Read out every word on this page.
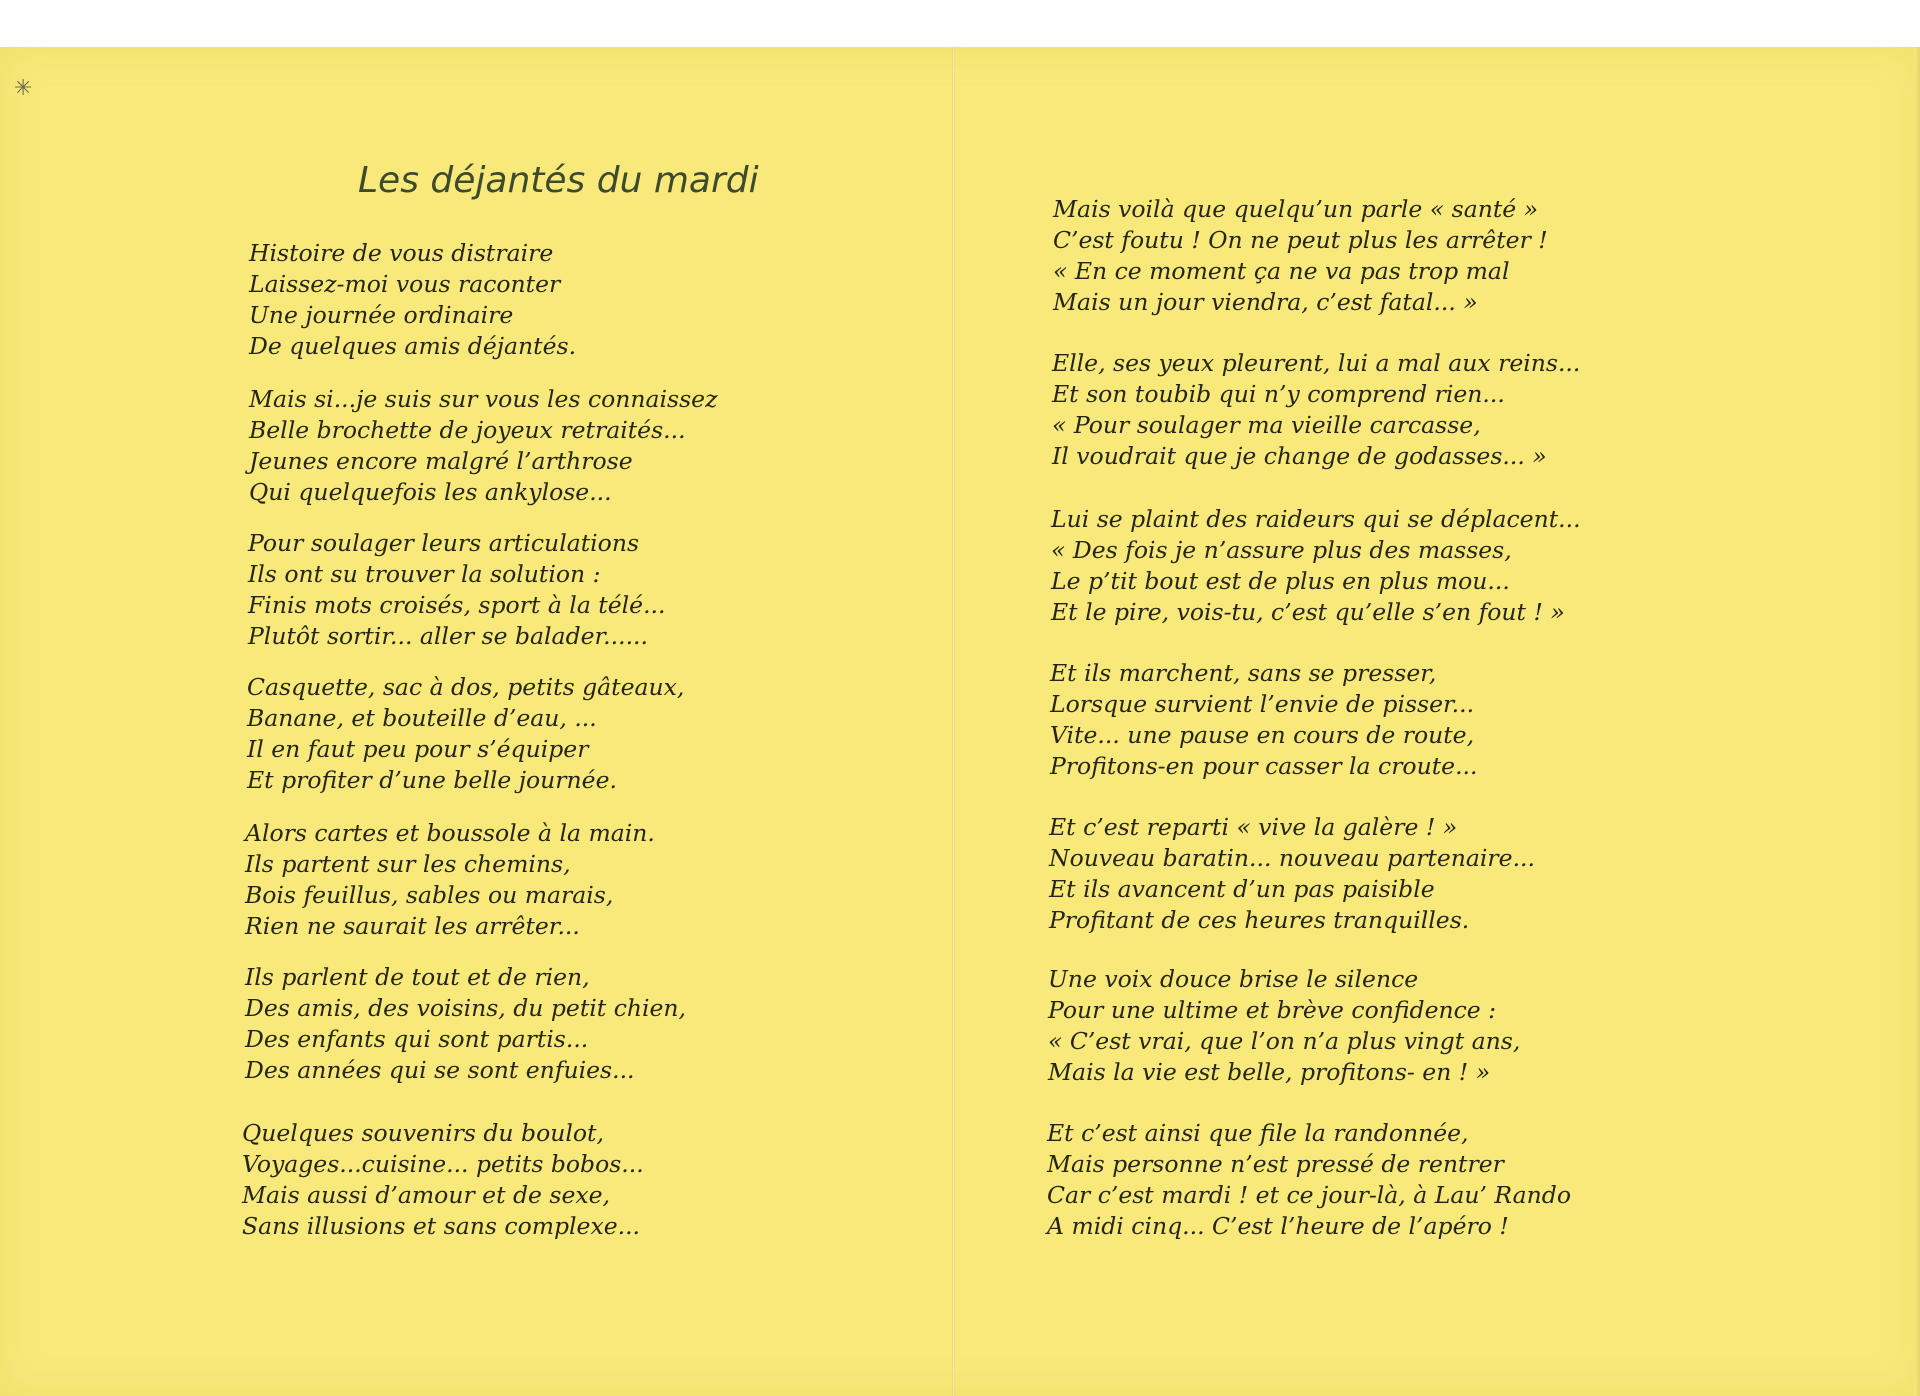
✳
Les déjantés du mardi

Histoire de vous distraire
Laissez-moi vous raconter
Une journée ordinaire
De quelques amis déjantés.

Mais si...je suis sur vous les connaissez
Belle brochette de joyeux retraités...
Jeunes encore malgré l’arthrose
Qui quelquefois les ankylose...

Pour soulager leurs articulations
Ils ont su trouver la solution :
Finis mots croisés, sport à la télé...
Plutôt sortir... aller se balader......

Casquette, sac à dos, petits gâteaux,
Banane, et bouteille d’eau, ...
Il en faut peu pour s’équiper
Et profiter d’une belle journée.

Alors cartes et boussole à la main.
Ils partent sur les chemins,
Bois feuillus, sables ou marais,
Rien ne saurait les arrêter...

Ils parlent de tout et de rien,
Des amis, des voisins, du petit chien,
Des enfants qui sont partis...
Des années qui se sont enfuies...

Quelques souvenirs du boulot,
Voyages...cuisine... petits bobos...
Mais aussi d’amour et de sexe,
Sans illusions et sans complexe...

Mais voilà que quelqu’un parle « santé »
C’est foutu ! On ne peut plus les arrêter !
« En ce moment ça ne va pas trop mal
Mais un jour viendra, c’est fatal... »

Elle, ses yeux pleurent, lui a mal aux reins...
Et son toubib qui n’y comprend rien...
« Pour soulager ma vieille carcasse,
Il voudrait que je change de godasses... »

Lui se plaint des raideurs qui se déplacent...
« Des fois je n’assure plus des masses,
Le p’tit bout est de plus en plus mou...
Et le pire, vois-tu, c’est qu’elle s’en fout ! »

Et ils marchent, sans se presser,
Lorsque survient l’envie de pisser...
Vite... une pause en cours de route,
Profitons-en pour casser la croute...

Et c’est reparti « vive la galère ! »
Nouveau baratin... nouveau partenaire...
Et ils avancent d’un pas paisible
Profitant de ces heures tranquilles.

Une voix douce brise le silence
Pour une ultime et brève confidence :
« C’est vrai, que l’on n’a plus vingt ans,
Mais la vie est belle, profitons- en ! »

Et c’est ainsi que file la randonnée,
Mais personne n’est pressé de rentrer
Car c’est mardi ! et ce jour-là, à Lau’ Rando
A midi cinq... C’est l’heure de l’apéro !
